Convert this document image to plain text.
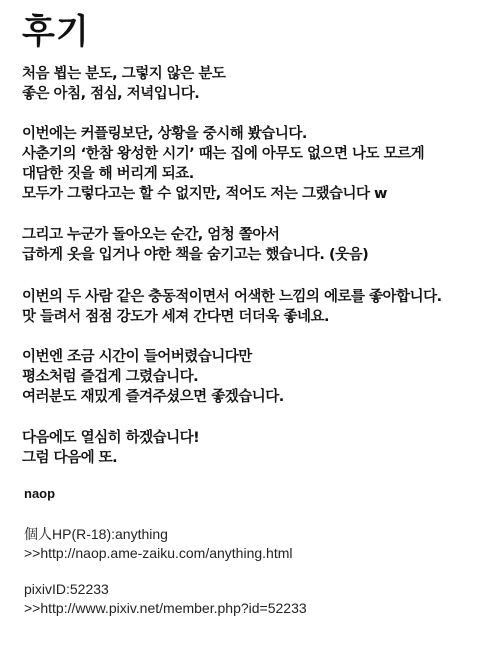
후기

처음 뵙는 분도, 그렇지 않은 분도
좋은 아침, 점심, 저녁입니다.

이번에는 커플링보단, 상황을 중시해 봤습니다.
사춘기의 ‘한참 왕성한 시기’ 때는 집에 아무도 없으면 나도 모르게
대담한 짓을 해 버리게 되죠.
모두가 그렇다고는 할 수 없지만, 적어도 저는 그랬습니다 w

그리고 누군가 돌아오는 순간, 엄청 쫄아서
급하게 옷을 입거나 야한 책을 숨기고는 했습니다. (웃음)

이번의 두 사람 같은 충동적이면서 어색한 느낌의 에로를 좋아합니다.
맛 들려서 점점 강도가 세져 간다면 더더욱 좋네요.

이번엔 조금 시간이 들어버렸습니다만
평소처럼 즐겁게 그렸습니다.
여러분도 재밌게 즐겨주셨으면 좋겠습니다.

다음에도 열심히 하겠습니다!
그럼 다음에 또.

naop

個人HP(R-18):anything
>>http://naop.ame-zaiku.com/anything.html

pixivID:52233
>>http://www.pixiv.net/member.php?id=52233
